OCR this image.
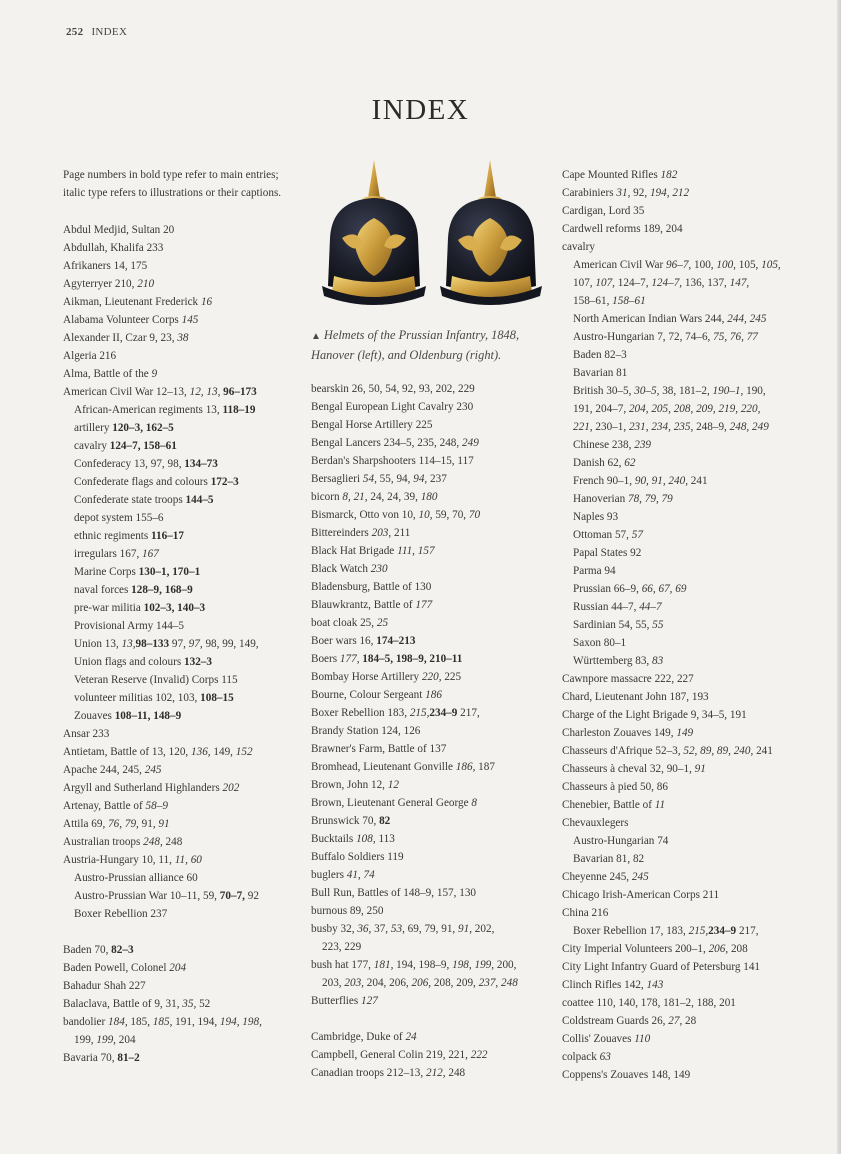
252 INDEX
INDEX
Page numbers in bold type refer to main entries; italic type refers to illustrations or their captions.
Abdul Medjid, Sultan 20
Abdullah, Khalifa 233
Afrikaners 14, 175
Agyterryer 210, 210
Aikman, Lieutenant Frederick 16
Alabama Volunteer Corps 145
Alexander II, Czar 9, 23, 38
Algeria 216
Alma, Battle of the 9
American Civil War 12–13, 12, 13, 96–173
African-American regiments 13, 118–19
artillery 120–3, 162–5
cavalry 124–7, 158–61
Confederacy 13, 97, 98, 134–73
Confederate flags and colours 172–3
Confederate state troops 144–5
depot system 155–6
ethnic regiments 116–17
irregulars 167, 167
Marine Corps 130–1, 170–1
naval forces 128–9, 168–9
pre-war militia 102–3, 140–3
Provisional Army 144–5
Union 13, 13,98–133 97, 97, 98, 99, 149,
Union flags and colours 132–3
Veteran Reserve (Invalid) Corps 115
volunteer militias 102, 103, 108–15
Zouaves 108–11, 148–9
Ansar 233
Antietam, Battle of 13, 120, 136, 149, 152
Apache 244, 245, 245
Argyll and Sutherland Highlanders 202
Artenay, Battle of 58–9
Attila 69, 76, 79, 91, 91
Australian troops 248, 248
Austria-Hungary 10, 11, 11, 60
Austro-Prussian alliance 60
Austro-Prussian War 10–11, 59, 70–7, 92
Boxer Rebellion 237
Baden 70, 82–3
Baden Powell, Colonel 204
Bahadur Shah 227
Balaclava, Battle of 9, 31, 35, 52
bandolier 184, 185, 185, 191, 194, 194, 198,
199, 199, 204
Bavaria 70, 81–2
▲ Helmets of the Prussian Infantry, 1848, Hanover (left), and Oldenburg (right).
bearskin 26, 50, 54, 92, 93, 202, 229
Bengal European Light Cavalry 230
Bengal Horse Artillery 225
Bengal Lancers 234–5, 235, 248, 249
Berdan's Sharpshooters 114–15, 117
Bersaglieri 54, 55, 94, 94, 237
bicorn 8, 21, 24, 24, 39, 180
Bismarck, Otto von 10, 10, 59, 70, 70
Bittereinders 203, 211
Black Hat Brigade 111, 157
Black Watch 230
Bladensburg, Battle of 130
Blauwkrantz, Battle of 177
boat cloak 25, 25
Boer wars 16, 174–213
Boers 177, 184–5, 198–9, 210–11
Bombay Horse Artillery 220, 225
Bourne, Colour Sergeant 186
Boxer Rebellion 183, 215,234–9 217,
Brandy Station 124, 126
Brawner's Farm, Battle of 137
Bromhead, Lieutenant Gonville 186, 187
Brown, John 12, 12
Brown, Lieutenant General George 8
Brunswick 70, 82
Bucktails 108, 113
Buffalo Soldiers 119
buglers 41, 74
Bull Run, Battles of 148–9, 157, 130
burnous 89, 250
busby 32, 36, 37, 53, 69, 79, 91, 91, 202,
223, 229
bush hat 177, 181, 194, 198–9, 198, 199, 200,
203, 203, 204, 206, 206, 208, 209, 237, 248
Butterflies 127
Cambridge, Duke of 24
Campbell, General Colin 219, 221, 222
Canadian troops 212–13, 212, 248
Cape Mounted Rifles 182
Carabiniers 31, 92, 194, 212
Cardigan, Lord 35
Cardwell reforms 189, 204
cavalry
American Civil War 96–7, 100, 100, 105, 105,
107, 107, 124–7, 124–7, 136, 137, 147,
158–61, 158–61
North American Indian Wars 244, 244, 245
Austro-Hungarian 7, 72, 74–6, 75, 76, 77
Baden 82–3
Bavarian 81
British 30–5, 30–5, 38, 181–2, 190–1, 190,
191, 204–7, 204, 205, 208, 209, 219, 220,
221, 230–1, 231, 234, 235, 248–9, 248, 249
Chinese 238, 239
Danish 62, 62
French 90–1, 90, 91, 240, 241
Hanoverian 78, 79, 79
Naples 93
Ottoman 57, 57
Papal States 92
Parma 94
Prussian 66–9, 66, 67, 69
Russian 44–7, 44–7
Sardinian 54, 55, 55
Saxon 80–1
Württemberg 83, 83
Cawnpore massacre 222, 227
Chard, Lieutenant John 187, 193
Charge of the Light Brigade 9, 34–5, 191
Charleston Zouaves 149, 149
Chasseurs d'Afrique 52–3, 52, 89, 89, 240, 241
Chasseurs à cheval 32, 90–1, 91
Chasseurs à pied 50, 86
Chenebier, Battle of 11
Chevauxlegers
Austro-Hungarian 74
Bavarian 81, 82
Cheyenne 245, 245
Chicago Irish-American Corps 211
China 216
Boxer Rebellion 17, 183, 215,234–9 217,
City Imperial Volunteers 200–1, 206, 208
City Light Infantry Guard of Petersburg 141
Clinch Rifles 142, 143
coattee 110, 140, 178, 181–2, 188, 201
Coldstream Guards 26, 27, 28
Collis' Zouaves 110
colpack 63
Coppens's Zouaves 148, 149
